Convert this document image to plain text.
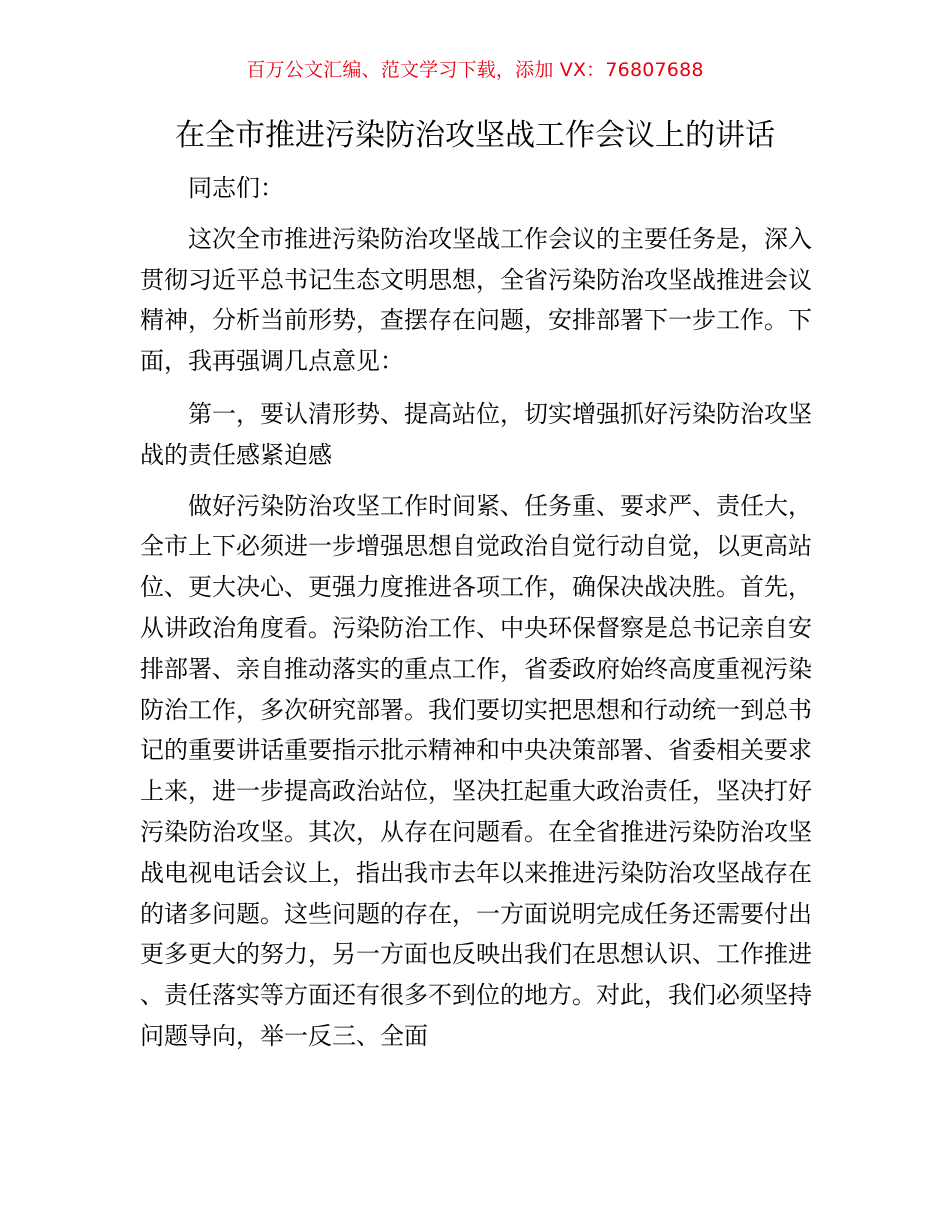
百万公文汇编、范文学习下载，添加 VX：76807688
在全市推进污染防治攻坚战工作会议上的讲话

同志们：

这次全市推进污染防治攻坚战工作会议的主要任务是，深入贯彻习近平总书记生态文明思想，全省污染防治攻坚战推进会议精神，分析当前形势，查摆存在问题，安排部署下一步工作。下面，我再强调几点意见：

第一，要认清形势、提高站位，切实增强抓好污染防治攻坚战的责任感紧迫感

做好污染防治攻坚工作时间紧、任务重、要求严、责任大，全市上下必须进一步增强思想自觉政治自觉行动自觉，以更高站位、更大决心、更强力度推进各项工作，确保决战决胜。首先，从讲政治角度看。污染防治工作、中央环保督察是总书记亲自安排部署、亲自推动落实的重点工作，省委政府始终高度重视污染防治工作，多次研究部署。我们要切实把思想和行动统一到总书记的重要讲话重要指示批示精神和中央决策部署、省委相关要求上来，进一步提高政治站位，坚决扛起重大政治责任，坚决打好污染防治攻坚。其次，从存在问题看。在全省推进污染防治攻坚战电视电话会议上，指出我市去年以来推进污染防治攻坚战存在的诸多问题。这些问题的存在，一方面说明完成任务还需要付出更多更大的努力，另一方面也反映出我们在思想认识、工作推进、责任落实等方面还有很多不到位的地方。对此，我们必须坚持问题导向，举一反三、全面
